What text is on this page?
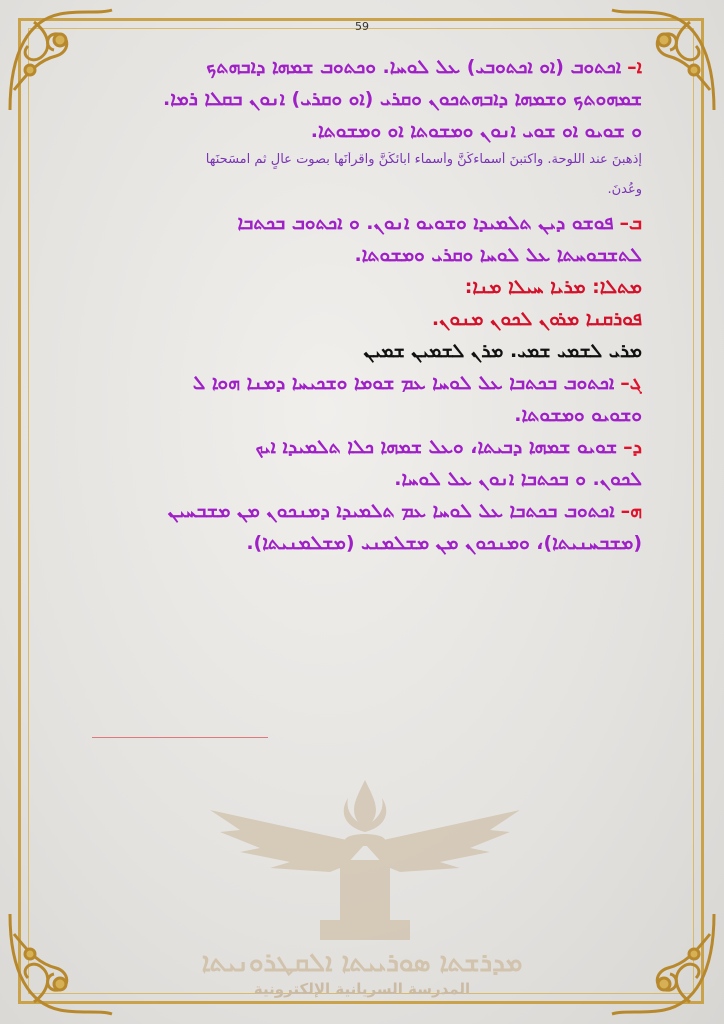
59
ܐ–
ܐܟܬܘܒ (ܐܘ ܐܟܬܘܒܝ) ܥܠ ܠܘܚܐ. ܘܟܬܘܒ ܫܡܗܐ ܕܐܒܗܬܟ
ܫܡܗܘܬܟ ܘܫܡܗܐ ܕܐܒܗܬܟܘܢ ܘܩܪܝ (ܐܘ ܘܩܪܝ) ܐܢܘܢ ܒܩܠܐ ܪܡܐ.
ܘ ܫܘܝܘ ܐܘ ܫܘܝ ܐܢܘܢ ܘܡܫܘܬܐ ܐܘ ܘܡܫܘܬܐ.
إذهبنَ عند اللوحة. واكتبنَ أسماءكُنَّ وأسماء آبائكُنَّ واقرأنَها بصوت عالٍ ثم امسَحنَها
وعُدنَ.
ܒ–
ܦܘܫܘ ܕܝܢ ܬܠܡܝܕܐ ܘܫܘܝܘ ܐܢܘܢ. ܘ ܐܟܬܘܒ ܒܟܬܒܐ
ܠܬܫܒܘܚܬܐ ܥܠ ܠܘܚܐ ܘܩܪܝ ܘܡܫܘܬܐ.
ܡܬܠܐ: ܡܪܝܐ ܚܝܠܐ ܡܢܐ:
ܦܘܪܩܢܐ ܡܪܘܢ ܠܟܘܢ ܡܢܘܢ.
ܡܪܝ ܠܫܡܝ ܫܡܝ. ܡܪܢ ܠܫܡܝܢ ܫܡܝܢ
ܓ–
ܐܟܬܘܒ ܒܟܬܒܐ ܥܠ ܠܘܚܐ ܥܡ ܫܘܡܐ ܘܫܟܝܚܐ ܕܡܢܐ ܗܘܐ ܠ
ܘܫܘܝܘ ܘܡܫܘܬܐ.
ܕ–
ܫܘܝܘ ܫܡܗܐ ܕܒܝܬܐ، ܘܥܠ ܫܡܗܐ ܟܠܐ ܬܠܡܝܕܐ ܐܝܟ
ܠܟܘܢ. ܘ ܒܟܬܒܐ ܐܢܘܢ ܥܠ ܠܘܚܐ.
ܗ–
ܐܟܬܘܒ ܒܟܬܒܐ ܥܠ ܠܘܚܐ ܥܡ ܬܠܡܝܕܐ ܕܡܢܟܘܢ ܡܢ ܡܫܒܚܝܢ
(ܡܫܒܚܢܝܬܐ)، ܘܡܢܟܘܢ ܡܢ ܡܫܠܡܢܝ (ܡܫܠܡܢܝܬܐ).
ܡܕܪܫܬܐ ܣܘܪܝܝܬܐ ܐܠܩܛܪܘܢܝܬܐ
المدرسة السريانية الإلكترونية
